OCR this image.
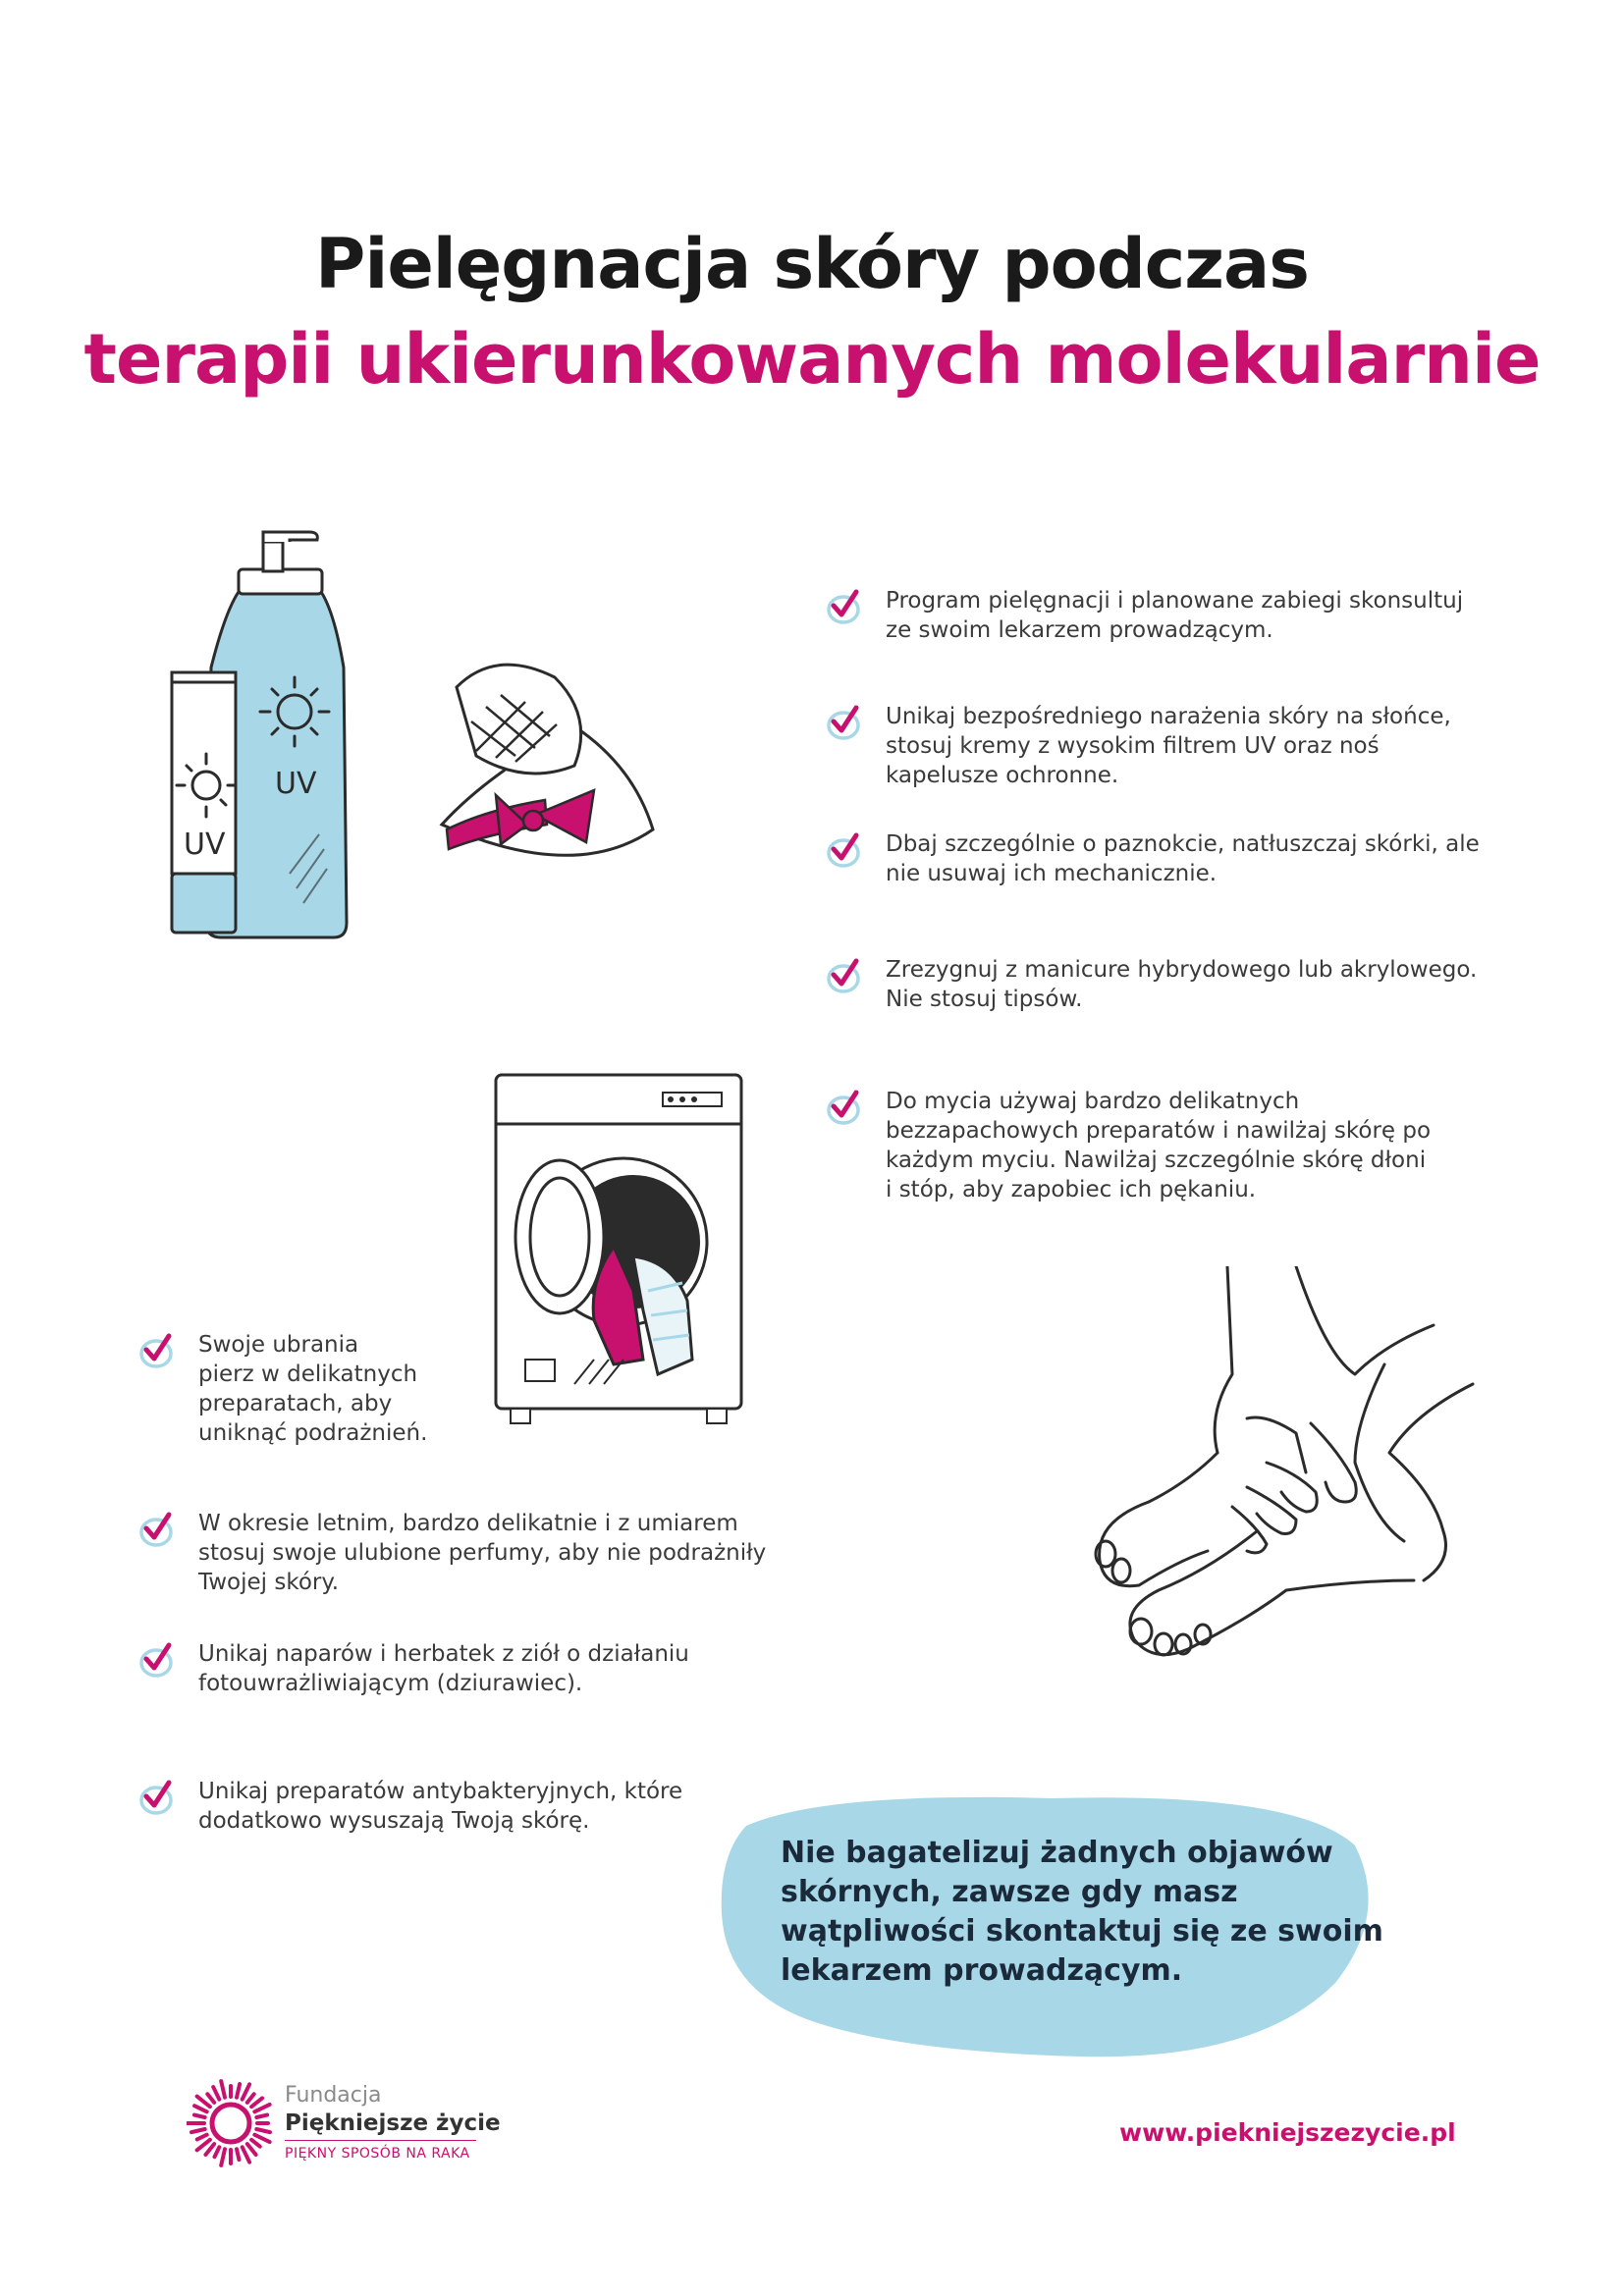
Pielęgnacja skóry podczas
terapii ukierunkowanych molekularnie
UV
UV
Program pielęgnacji i planowane zabiegi skonsultuj
ze swoim lekarzem prowadzącym.
Unikaj bezpośredniego narażenia skóry na słońce,
stosuj kremy z wysokim filtrem UV oraz noś
kapelusze ochronne.
Dbaj szczególnie o paznokcie, natłuszczaj skórki, ale
nie usuwaj ich mechanicznie.
Zrezygnuj z manicure hybrydowego lub akrylowego.
Nie stosuj tipsów.
Do mycia używaj bardzo delikatnych
bezzapachowych preparatów i nawilżaj skórę po
każdym myciu. Nawilżaj szczególnie skórę dłoni
i stóp, aby zapobiec ich pękaniu.
Swoje ubrania
pierz w delikatnych
preparatach, aby
uniknąć podrażnień.
W okresie letnim, bardzo delikatnie i z umiarem
stosuj swoje ulubione perfumy, aby nie podrażniły
Twojej skóry.
Unikaj naparów i herbatek z ziół o działaniu
fotouwrażliwiającym (dziurawiec).
Unikaj preparatów antybakteryjnych, które
dodatkowo wysuszają Twoją skórę.
Nie bagatelizuj żadnych objawów
skórnych, zawsze gdy masz
wątpliwości skontaktuj się ze swoim
lekarzem prowadzącym.
Fundacja
Piękniejsze życie
PIĘKNY SPOSÓB NA RAKA
www.piekniejszezycie.pl
